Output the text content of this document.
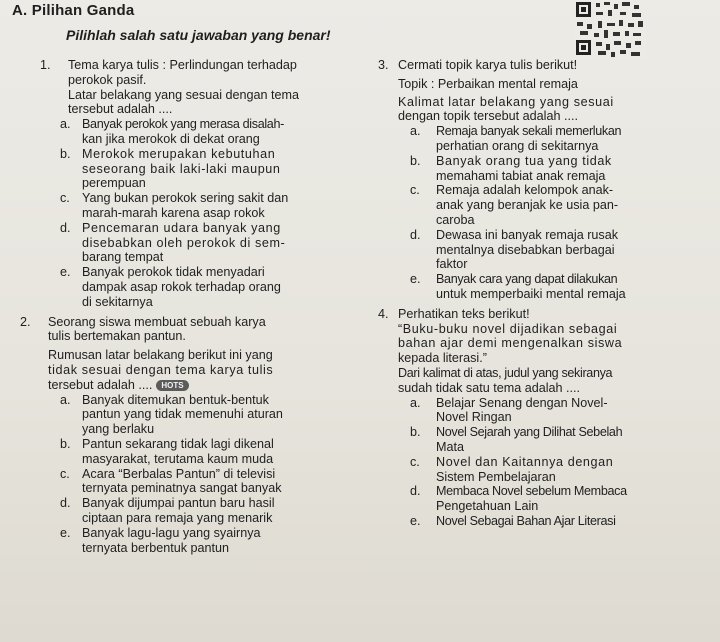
A. Pilihan Ganda
Pilihlah salah satu jawaban yang benar!
1. Tema karya tulis : Perlindungan terhadap
perokok pasif.
Latar belakang yang sesuai dengan tema
tersebut adalah ....
a. Banyak perokok yang merasa disalah-
kan jika merokok di dekat orang
b. Merokok merupakan kebutuhan
seseorang baik laki-laki maupun
perempuan
c. Yang bukan perokok sering sakit dan
marah-marah karena asap rokok
d. Pencemaran udara banyak yang
disebabkan oleh perokok di sem-
barang tempat
e. Banyak perokok tidak menyadari
dampak asap rokok terhadap orang
di sekitarnya
2. Seorang siswa membuat sebuah karya
tulis bertemakan pantun.
Rumusan latar belakang berikut ini yang
tidak sesuai dengan tema karya tulis
tersebut adalah .... HOTS
a. Banyak ditemukan bentuk-bentuk
pantun yang tidak memenuhi aturan
yang berlaku
b. Pantun sekarang tidak lagi dikenal
masyarakat, terutama kaum muda
c. Acara “Berbalas Pantun” di televisi
ternyata peminatnya sangat banyak
d. Banyak dijumpai pantun baru hasil
ciptaan para remaja yang menarik
e. Banyak lagu-lagu yang syairnya
ternyata berbentuk pantun
3. Cermati topik karya tulis berikut!
Topik : Perbaikan mental remaja
Kalimat latar belakang yang sesuai
dengan topik tersebut adalah ....
a. Remaja banyak sekali memerlukan
perhatian orang di sekitarnya
b. Banyak orang tua yang tidak
memahami tabiat anak remaja
c. Remaja adalah kelompok anak-
anak yang beranjak ke usia pan-
caroba
d. Dewasa ini banyak remaja rusak
mentalnya disebabkan berbagai
faktor
e. Banyak cara yang dapat dilakukan
untuk memperbaiki mental remaja
4. Perhatikan teks berikut!
“Buku-buku novel dijadikan sebagai
bahan ajar demi mengenalkan siswa
kepada literasi.”
Dari kalimat di atas, judul yang sekiranya
sudah tidak satu tema adalah ....
a. Belajar Senang dengan Novel-
Novel Ringan
b. Novel Sejarah yang Dilihat Sebelah
Mata
c. Novel dan Kaitannya dengan
Sistem Pembelajaran
d. Membaca Novel sebelum Membaca
Pengetahuan Lain
e. Novel Sebagai Bahan Ajar Literasi
